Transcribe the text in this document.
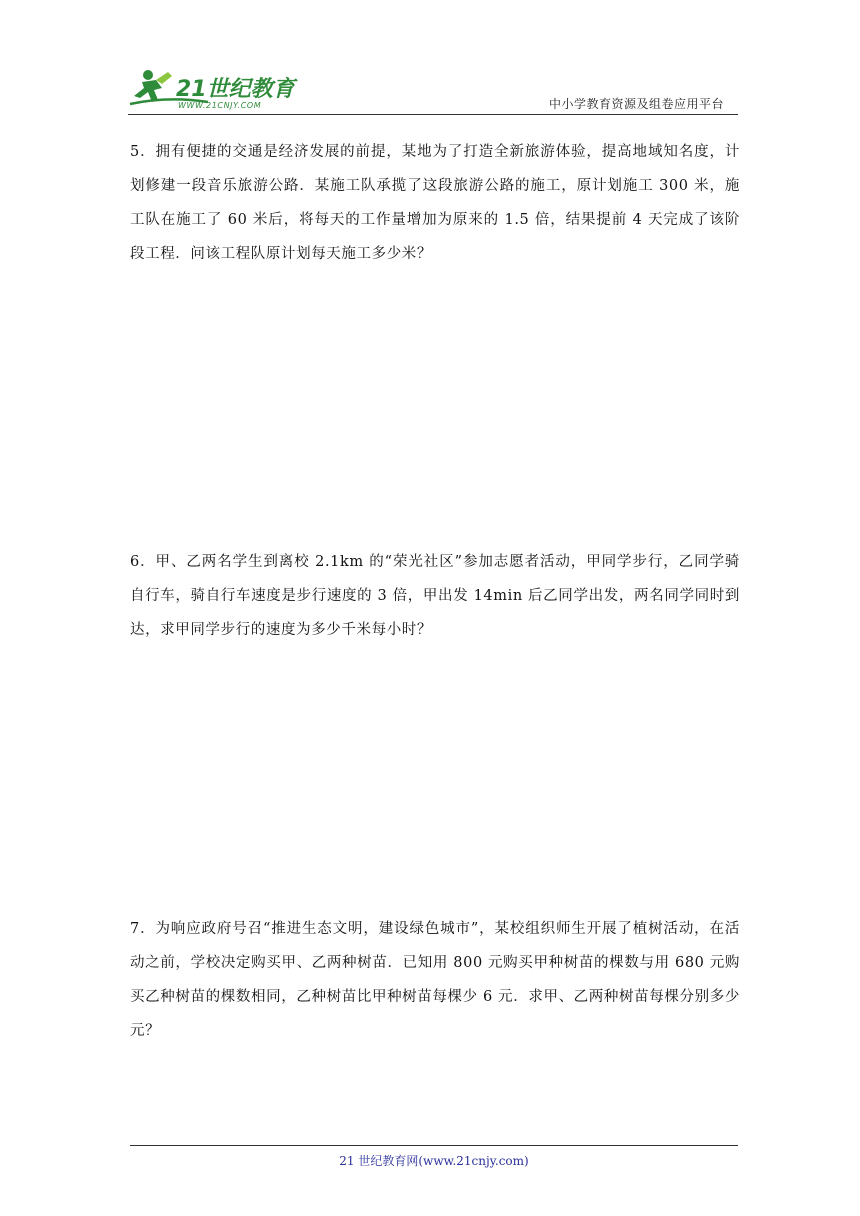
21世纪教育
WWW.21CNJY.COM	中小学教育资源及组卷应用平台
5．拥有便捷的交通是经济发展的前提，某地为了打造全新旅游体验，提高地域知名度，计划修建一段音乐旅游公路．某施工队承揽了这段旅游公路的施工，原计划施工 300 米，施工队在施工了 60 米后，将每天的工作量增加为原来的 1.5 倍，结果提前 4 天完成了该阶段工程．问该工程队原计划每天施工多少米？
6．甲、乙两名学生到离校 2.1km 的“荣光社区”参加志愿者活动，甲同学步行，乙同学骑自行车，骑自行车速度是步行速度的 3 倍，甲出发 14min 后乙同学出发，两名同学同时到达，求甲同学步行的速度为多少千米每小时？
7．为响应政府号召“推进生态文明，建设绿色城市”，某校组织师生开展了植树活动，在活动之前，学校决定购买甲、乙两种树苗．已知用 800 元购买甲种树苗的棵数与用 680 元购买乙种树苗的棵数相同，乙种树苗比甲种树苗每棵少 6 元．求甲、乙两种树苗每棵分别多少元？
21 世纪教育网(www.21cnjy.com)
